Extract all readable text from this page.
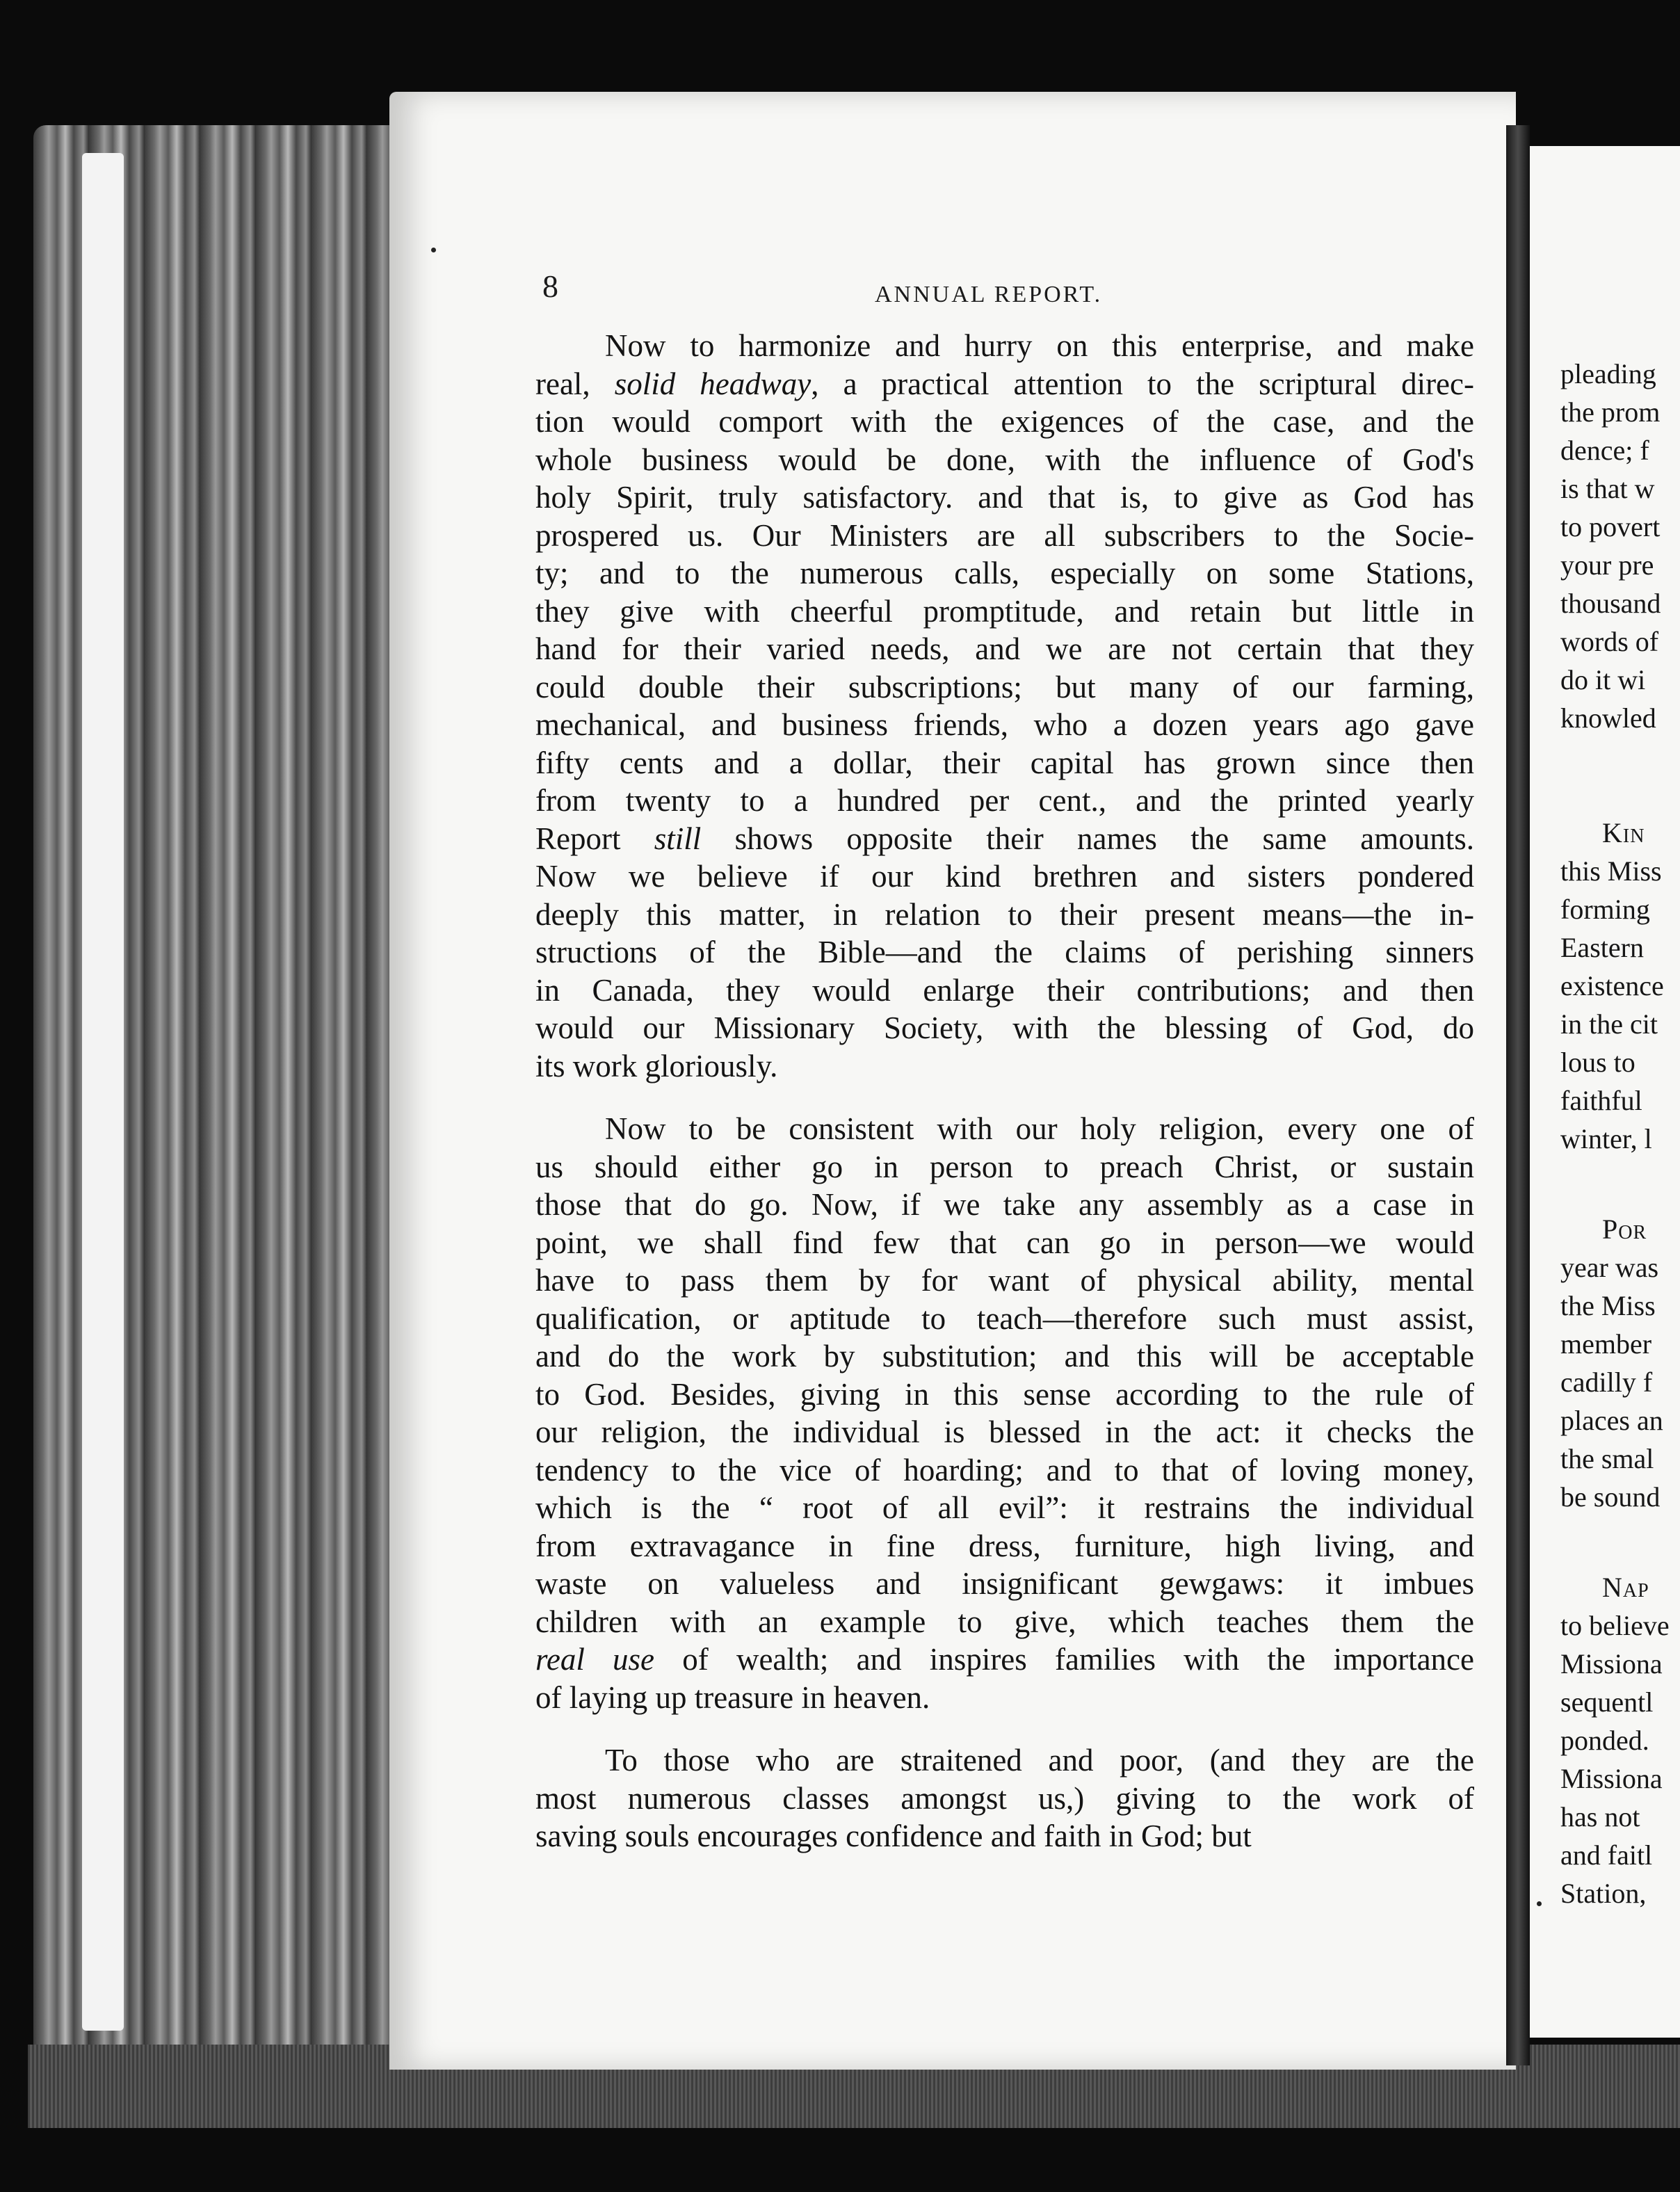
pleading
the prom
dence; f
is that w
to povert
your pre
thousand
words of
do it wi
knowled
Kin
this Miss
forming
Eastern
existence
in the cit
lous to
faithful
winter, l
Por
year was
the Miss
member
cadilly f
places an
the smal
be sound
Nap
to believe
Missiona
sequentl
ponded.
Missiona
has not
and faitl
Station,
8	ANNUAL REPORT.
Now to harmonize and hurry on this enterprise, and make
real, solid headway, a practical attention to the scriptural direc-
tion would comport with the exigences of the case, and the
whole business would be done, with the influence of God's
holy Spirit, truly satisfactory. and that is, to give as God has
prospered us. Our Ministers are all subscribers to the Socie-
ty; and to the numerous calls, especially on some Stations,
they give with cheerful promptitude, and retain but little in
hand for their varied needs, and we are not certain that they
could double their subscriptions; but many of our farming,
mechanical, and business friends, who a dozen years ago gave
fifty cents and a dollar, their capital has grown since then
from twenty to a hundred per cent., and the printed yearly
Report still shows opposite their names the same amounts.
Now we believe if our kind brethren and sisters pondered
deeply this matter, in relation to their present means—the in-
structions of the Bible—and the claims of perishing sinners
in Canada, they would enlarge their contributions; and then
would our Missionary Society, with the blessing of God, do
its work gloriously.
Now to be consistent with our holy religion, every one of
us should either go in person to preach Christ, or sustain
those that do go. Now, if we take any assembly as a case in
point, we shall find few that can go in person—we would
have to pass them by for want of physical ability, mental
qualification, or aptitude to teach—therefore such must assist,
and do the work by substitution; and this will be acceptable
to God. Besides, giving in this sense according to the rule of
our religion, the individual is blessed in the act: it checks the
tendency to the vice of hoarding; and to that of loving money,
which is the “ root of all evil”: it restrains the individual
from extravagance in fine dress, furniture, high living, and
waste on valueless and insignificant gewgaws: it imbues
children with an example to give, which teaches them the
real use of wealth; and inspires families with the importance
of laying up treasure in heaven.
To those who are straitened and poor, (and they are the
most numerous classes amongst us,) giving to the work of
saving souls encourages confidence and faith in God; but
